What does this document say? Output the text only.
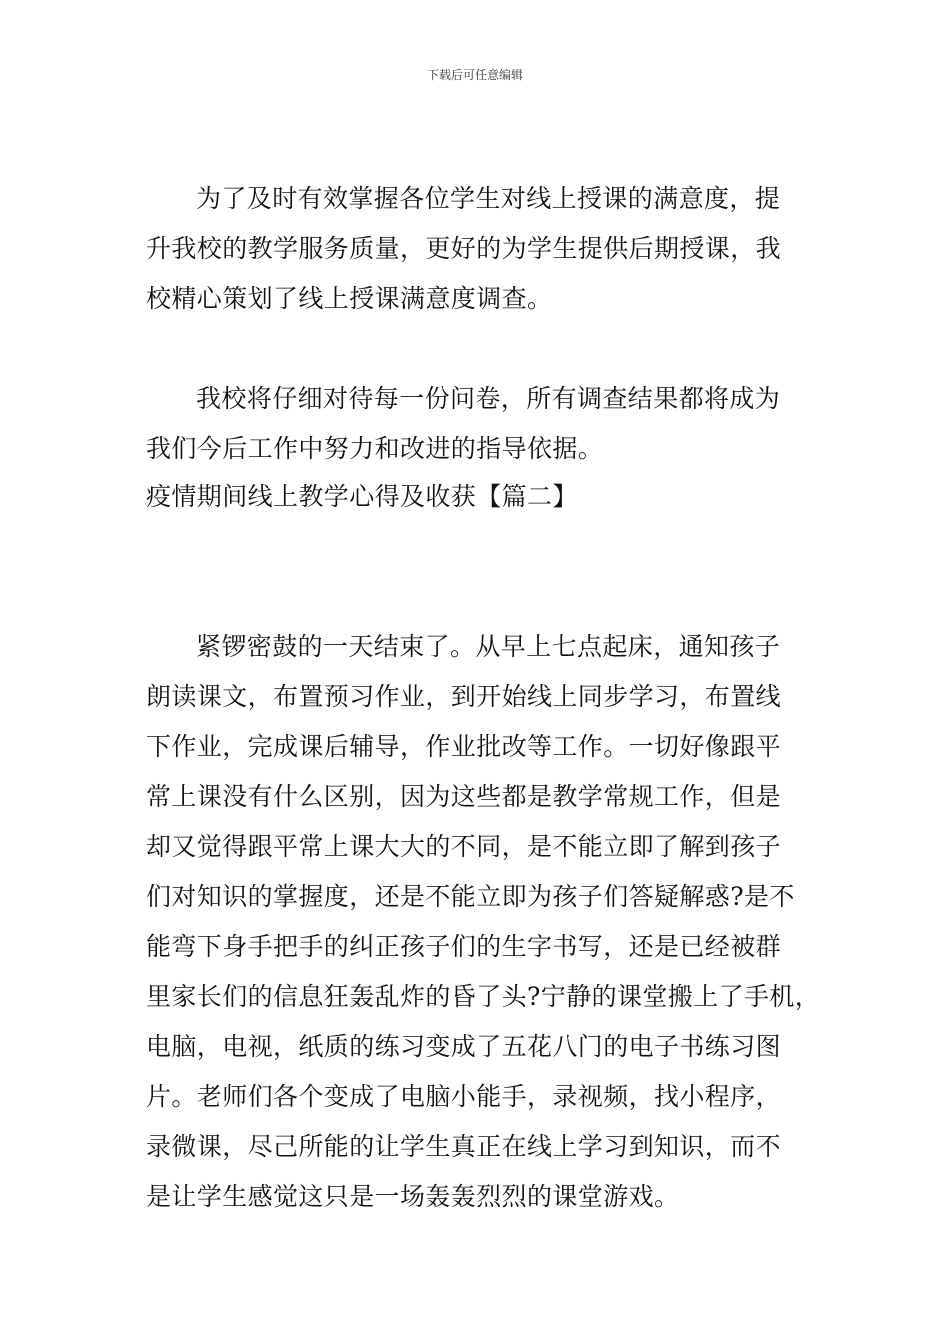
下载后可任意编辑
为了及时有效掌握各位学生对线上授课的满意度，提
升我校的教学服务质量，更好的为学生提供后期授课，我
校精心策划了线上授课满意度调查。
我校将仔细对待每一份问卷，所有调查结果都将成为
我们今后工作中努力和改进的指导依据。
疫情期间线上教学心得及收获【篇二】
紧锣密鼓的一天结束了。从早上七点起床，通知孩子
朗读课文，布置预习作业，到开始线上同步学习，布置线
下作业，完成课后辅导，作业批改等工作。一切好像跟平
常上课没有什么区别，因为这些都是教学常规工作，但是
却又觉得跟平常上课大大的不同，是不能立即了解到孩子
们对知识的掌握度，还是不能立即为孩子们答疑解惑?是不
能弯下身手把手的纠正孩子们的生字书写，还是已经被群
里家长们的信息狂轰乱炸的昏了头?宁静的课堂搬上了手机，
电脑，电视，纸质的练习变成了五花八门的电子书练习图
片。老师们各个变成了电脑小能手，录视频，找小程序，
录微课，尽己所能的让学生真正在线上学习到知识，而不
是让学生感觉这只是一场轰轰烈烈的课堂游戏。
